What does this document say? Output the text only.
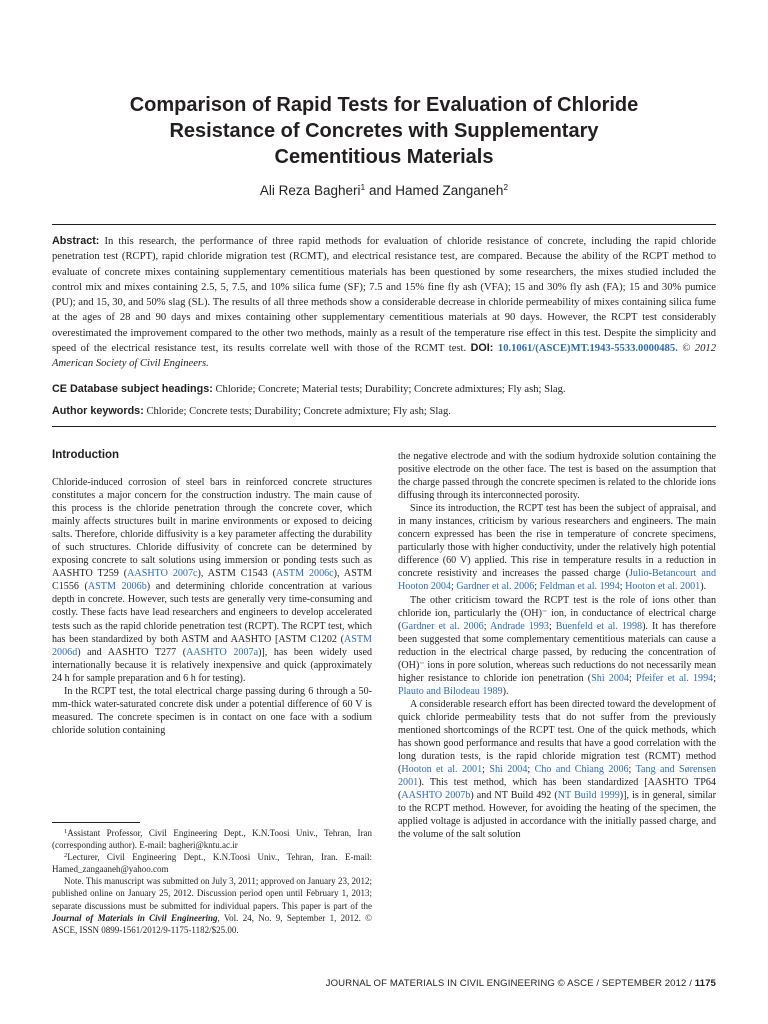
Comparison of Rapid Tests for Evaluation of Chloride
Resistance of Concretes with Supplementary
Cementitious Materials
Ali Reza Bagheri$^1$ and Hamed Zanganeh$^2$
Abstract: In this research, the performance of three rapid methods for evaluation of chloride resistance of concrete, including the rapid chloride penetration test (RCPT), rapid chloride migration test (RCMT), and electrical resistance test, are compared. Because the ability of the RCPT method to evaluate of concrete mixes containing supplementary cementitious materials has been questioned by some researchers, the mixes studied included the control mix and mixes containing 2.5, 5, 7.5, and 10% silica fume (SF); 7.5 and 15% fine fly ash (VFA); 15 and 30% fly ash (FA); 15 and 30% pumice (PU); and 15, 30, and 50% slag (SL). The results of all three methods show a considerable decrease in chloride permeability of mixes containing silica fume at the ages of 28 and 90 days and mixes containing other supplementary cementitious materials at 90 days. However, the RCPT test considerably overestimated the improvement compared to the other two methods, mainly as a result of the temperature rise effect in this test. Despite the simplicity and speed of the electrical resistance test, its results correlate well with those of the RCMT test. DOI: 10.1061/(ASCE)MT.1943-5533.0000485. © 2012 American Society of Civil Engineers.
CE Database subject headings: Chloride; Concrete; Material tests; Durability; Concrete admixtures; Fly ash; Slag.
Author keywords: Chloride; Concrete tests; Durability; Concrete admixture; Fly ash; Slag.
Introduction

Chloride-induced corrosion of steel bars in reinforced concrete structures constitutes a major concern for the construction industry. The main cause of this process is the chloride penetration through the concrete cover, which mainly affects structures built in marine environments or exposed to deicing salts. Therefore, chloride diffusivity is a key parameter affecting the durability of such structures. Chloride diffusivity of concrete can be determined by exposing concrete to salt solutions using immersion or ponding tests such as AASHTO T259 (AASHTO 2007c), ASTM C1543 (ASTM 2006c), ASTM C1556 (ASTM 2006b) and determining chloride concentration at various depth in concrete. However, such tests are generally very time-consuming and costly. These facts have lead researchers and engineers to develop accelerated tests such as the rapid chloride penetration test (RCPT). The RCPT test, which has been standardized by both ASTM and AASHTO [ASTM C1202 (ASTM 2006d) and AASHTO T277 (AASHTO 2007a)], has been widely used internationally because it is relatively inexpensive and quick (approximately 24 h for sample preparation and 6 h for testing).

In the RCPT test, the total electrical charge passing during 6 through a 50-mm-thick water-saturated concrete disk under a potential difference of 60 V is measured. The concrete specimen is in contact on one face with a sodium chloride solution containing

$^1$Assistant Professor, Civil Engineering Dept., K.N.Toosi Univ., Tehran, Iran (corresponding author). E-mail: bagheri@kntu.ac.ir

$^2$Lecturer, Civil Engineering Dept., K.N.Toosi Univ., Tehran, Iran. E-mail: Hamed_zangaaneh@yahoo.com

Note. This manuscript was submitted on July 3, 2011; approved on January 23, 2012; published online on January 25, 2012. Discussion period open until February 1, 2013; separate discussions must be submitted for individual papers. This paper is part of the Journal of Materials in Civil Engineering, Vol. 24, No. 9, September 1, 2012. © ASCE, ISSN 0899-1561/2012/9-1175-1182/$25.00.

the negative electrode and with the sodium hydroxide solution containing the positive electrode on the other face. The test is based on the assumption that the charge passed through the concrete specimen is related to the chloride ions diffusing through its interconnected porosity.

Since its introduction, the RCPT test has been the subject of appraisal, and in many instances, criticism by various researchers and engineers. The main concern expressed has been the rise in temperature of concrete specimens, particularly those with higher conductivity, under the relatively high potential difference (60 V) applied. This rise in temperature results in a reduction in concrete resistivity and increases the passed charge (Julio-Betancourt and Hooton 2004; Gardner et al. 2006; Feldman et al. 1994; Hooton et al. 2001).

The other criticism toward the RCPT test is the role of ions other than chloride ion, particularly the (OH)⁻ ion, in conductance of electrical charge (Gardner et al. 2006; Andrade 1993; Buenfeld et al. 1998). It has therefore been suggested that some complementary cementitious materials can cause a reduction in the electrical charge passed, by reducing the concentration of (OH)⁻ ions in pore solution, whereas such reductions do not necessarily mean higher resistance to chloride ion penetration (Shi 2004; Pfeifer et al. 1994; Plauto and Bilodeau 1989).

A considerable research effort has been directed toward the development of quick chloride permeability tests that do not suffer from the previously mentioned shortcomings of the RCPT test. One of the quick methods, which has shown good performance and results that have a good correlation with the long duration tests, is the rapid chloride migration test (RCMT) method (Hooton et al. 2001; Shi 2004; Cho and Chiang 2006; Tang and Sørensen 2001). This test method, which has been standardized [AASHTO TP64 (AASHTO 2007b) and NT Build 492 (NT Build 1999)], is in general, similar to the RCPT method. However, for avoiding the heating of the specimen, the applied voltage is adjusted in accordance with the initially passed charge, and the volume of the salt solution

JOURNAL OF MATERIALS IN CIVIL ENGINEERING © ASCE / SEPTEMBER 2012 / 1175
